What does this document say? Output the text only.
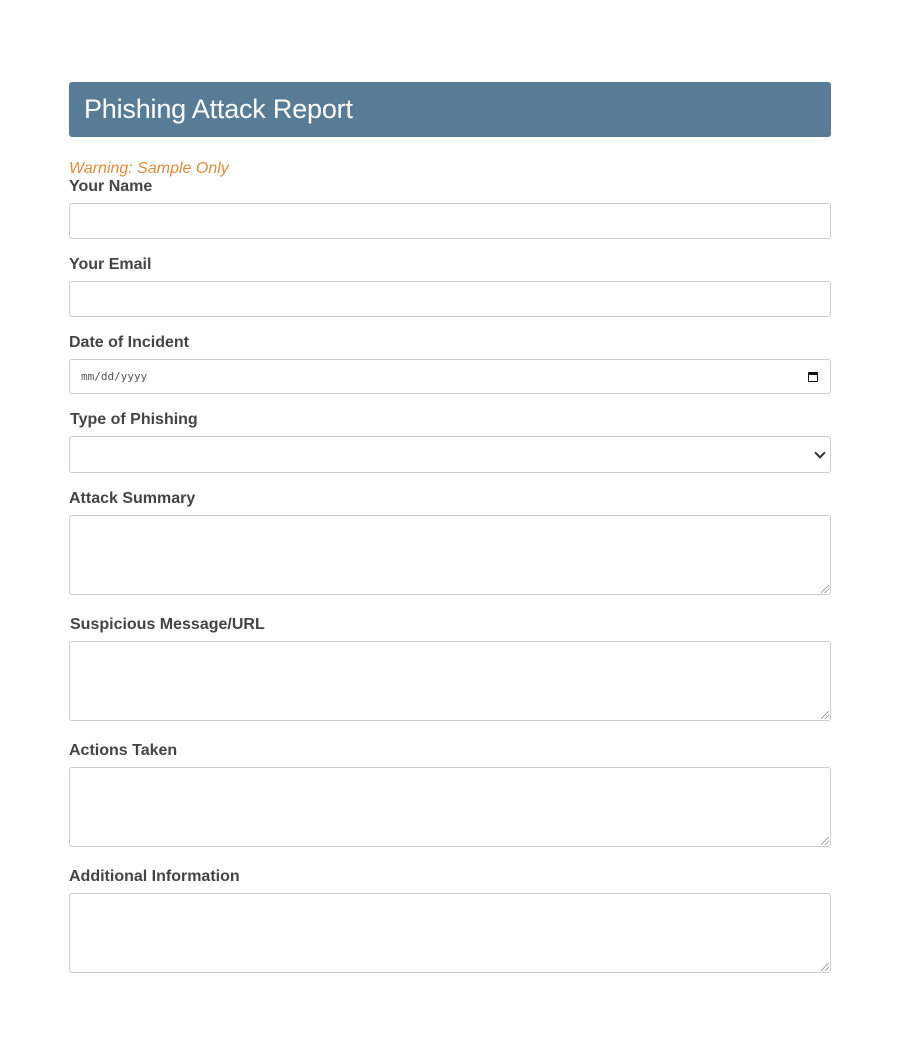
Phishing Attack Report
Warning: Sample Only
Your Name
Your Email
Date of Incident
mm/dd/yyyy
Type of Phishing
Attack Summary
Suspicious Message/URL
Actions Taken
Additional Information
